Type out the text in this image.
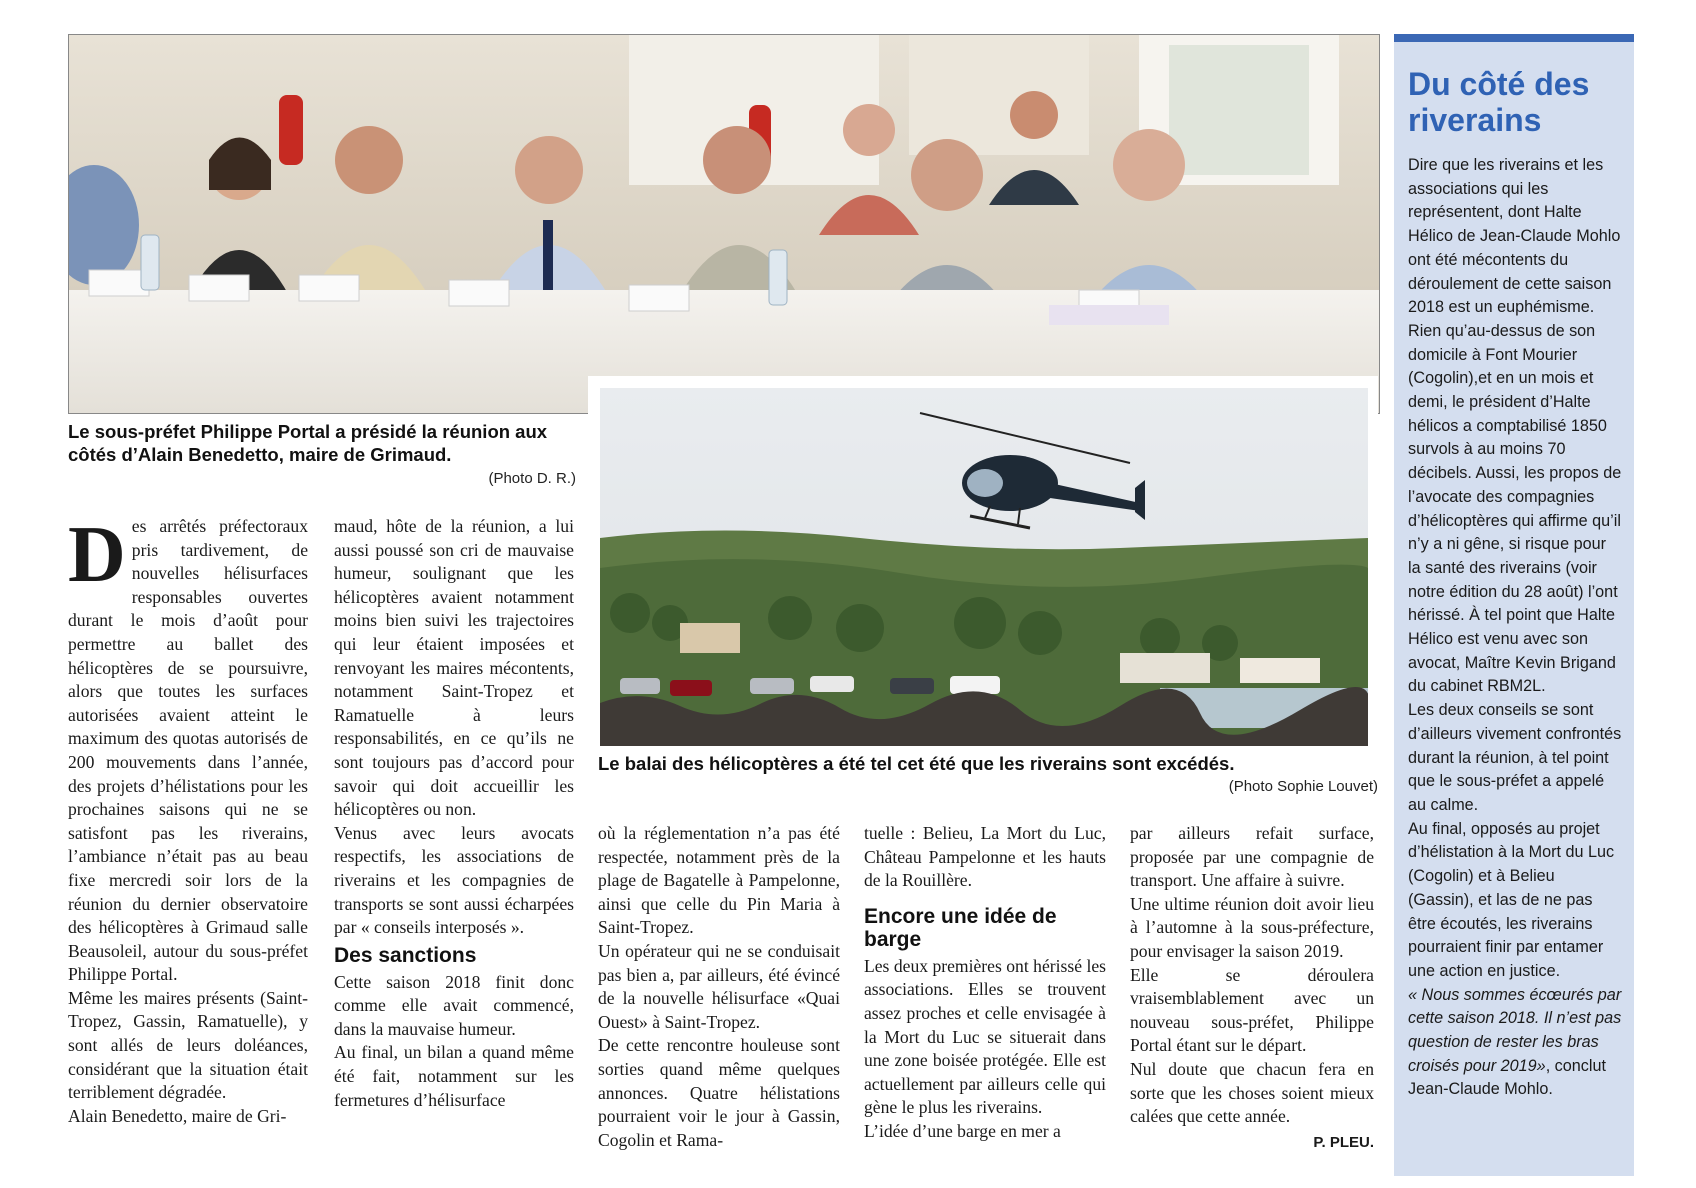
Le sous-préfet Philippe Portal a présidé la réunion aux côtés d’Alain Benedetto, maire de Grimaud.
(Photo D. R.)
Le balai des hélicoptères a été tel cet été que les riverains sont excédés.
(Photo Sophie Louvet)

Des arrêtés préfectoraux pris tardivement, de nouvelles hélisurfaces responsables ouvertes durant le mois d’août pour permettre au ballet des hélicoptères de se poursuivre, alors que toutes les surfaces autorisées avaient atteint le maximum des quotas autorisés de 200 mouvements dans l’année, des projets d’hélistations pour les prochaines saisons qui ne se satisfont pas les riverains, l’ambiance n’était pas au beau fixe mercredi soir lors de la réunion du dernier observatoire des hélicoptères à Grimaud salle Beausoleil, autour du sous-préfet Philippe Portal.

Même les maires présents (Saint-Tropez, Gassin, Ramatuelle), y sont allés de leurs doléances, considérant que la situation était terriblement dégradée.

Alain Benedetto, maire de Gri-

maud, hôte de la réunion, a lui aussi poussé son cri de mauvaise humeur, soulignant que les hélicoptères avaient notamment moins bien suivi les trajectoires qui leur étaient imposées et renvoyant les maires mécontents, notamment Saint-Tropez et Ramatuelle à leurs responsabilités, en ce qu’ils ne sont toujours pas d’accord pour savoir qui doit accueillir les hélicoptères ou non.

Venus avec leurs avocats respectifs, les associations de riverains et les compagnies de transports se sont aussi écharpées par « conseils interposés ».

Des sanctions

Cette saison 2018 finit donc comme elle avait commencé, dans la mauvaise humeur.

Au final, un bilan a quand même été fait, notamment sur les fermetures d’hélisurface

où la réglementation n’a pas été respectée, notamment près de la plage de Bagatelle à Pampelonne, ainsi que celle du Pin Maria à Saint-Tropez.

Un opérateur qui ne se conduisait pas bien a, par ailleurs, été évincé de la nouvelle hélisurface «Quai Ouest» à Saint-Tropez.

De cette rencontre houleuse sont sorties quand même quelques annonces. Quatre hélistations pourraient voir le jour à Gassin, Cogolin et Rama-

tuelle : Belieu, La Mort du Luc, Château Pampelonne et les hauts de la Rouillère.

Encore une idée de barge

Les deux premières ont hérissé les associations. Elles se trouvent assez proches et celle envisagée à la Mort du Luc se situerait dans une zone boisée protégée. Elle est actuellement par ailleurs celle qui gène le plus les riverains.

L’idée d’une barge en mer a

par ailleurs refait surface, proposée par une compagnie de transport. Une affaire à suivre.

Une ultime réunion doit avoir lieu à l’automne à la sous-préfecture, pour envisager la saison 2019.

Elle se déroulera vraisemblablement avec un nouveau sous-préfet, Philippe Portal étant sur le départ.

Nul doute que chacun fera en sorte que les choses soient mieux calées que cette année.

P. PLEU.
Du côté des riverains

Dire que les riverains et les associations qui les représentent, dont Halte Hélico de Jean-Claude Mohlo ont été mécontents du déroulement de cette saison 2018 est un euphémisme. Rien qu’au-dessus de son domicile à Font Mourier (Cogolin),et en un mois et demi, le président d’Halte hélicos a comptabilisé 1850 survols à au moins 70 décibels. Aussi, les propos de l’avocate des compagnies d’hélicoptères qui affirme qu’il n’y a ni gêne, si risque pour la santé des riverains (voir notre édition du 28 août) l’ont hérissé. À tel point que Halte Hélico est venu avec son avocat, Maître Kevin Brigand du cabinet RBM2L.

Les deux conseils se sont d’ailleurs vivement confrontés durant la réunion, à tel point que le sous-préfet a appelé au calme.

Au final, opposés au projet d’hélistation à la Mort du Luc (Cogolin) et à Belieu (Gassin), et las de ne pas être écoutés, les riverains pourraient finir par entamer une action en justice.

« Nous sommes écœurés par cette saison 2018. Il n’est pas question de rester les bras croisés pour 2019», conclut Jean-Claude Mohlo.
